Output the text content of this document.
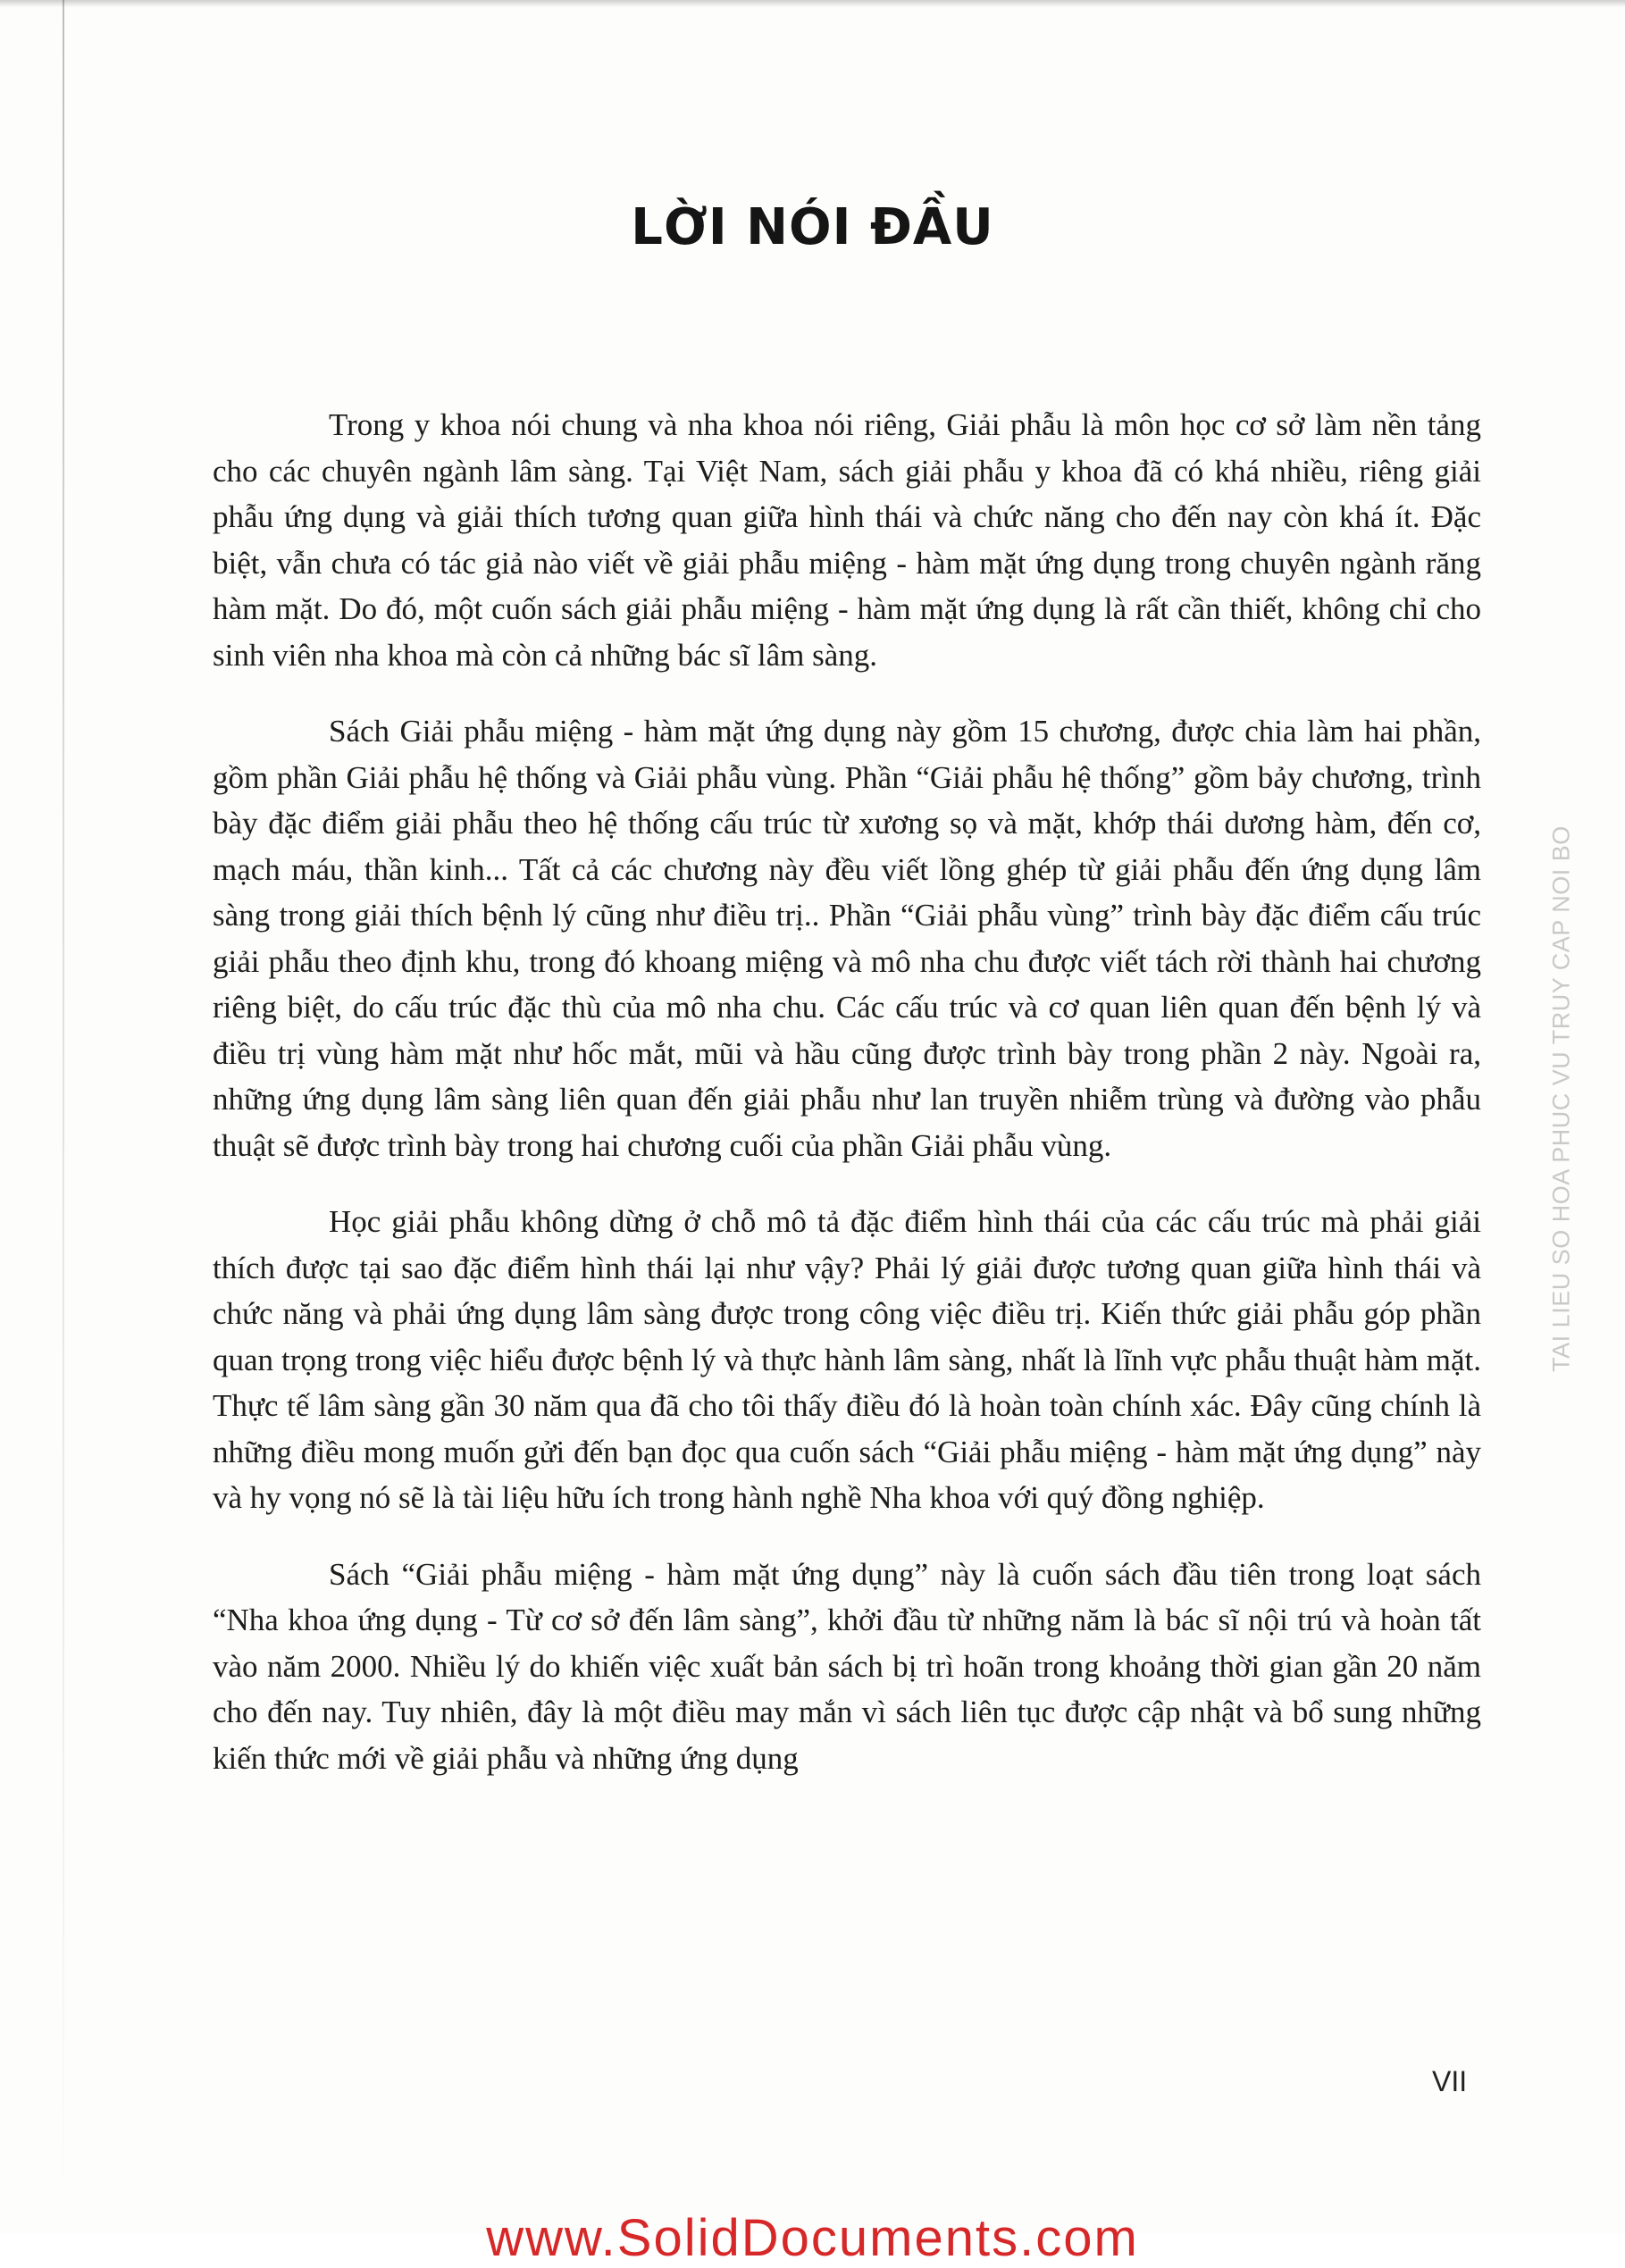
LỜI NÓI ĐẦU

Trong y khoa nói chung và nha khoa nói riêng, Giải phẫu là môn học cơ sở làm nền tảng cho các chuyên ngành lâm sàng. Tại Việt Nam, sách giải phẫu y khoa đã có khá nhiều, riêng giải phẫu ứng dụng và giải thích tương quan giữa hình thái và chức năng cho đến nay còn khá ít. Đặc biệt, vẫn chưa có tác giả nào viết về giải phẫu miệng - hàm mặt ứng dụng trong chuyên ngành răng hàm mặt. Do đó, một cuốn sách giải phẫu miệng - hàm mặt ứng dụng là rất cần thiết, không chỉ cho sinh viên nha khoa mà còn cả những bác sĩ lâm sàng.

Sách Giải phẫu miệng - hàm mặt ứng dụng này gồm 15 chương, được chia làm hai phần, gồm phần Giải phẫu hệ thống và Giải phẫu vùng. Phần “Giải phẫu hệ thống” gồm bảy chương, trình bày đặc điểm giải phẫu theo hệ thống cấu trúc từ xương sọ và mặt, khớp thái dương hàm, đến cơ, mạch máu, thần kinh... Tất cả các chương này đều viết lồng ghép từ giải phẫu đến ứng dụng lâm sàng trong giải thích bệnh lý cũng như điều trị.. Phần “Giải phẫu vùng” trình bày đặc điểm cấu trúc giải phẫu theo định khu, trong đó khoang miệng và mô nha chu được viết tách rời thành hai chương riêng biệt, do cấu trúc đặc thù của mô nha chu. Các cấu trúc và cơ quan liên quan đến bệnh lý và điều trị vùng hàm mặt như hốc mắt, mũi và hầu cũng được trình bày trong phần 2 này. Ngoài ra, những ứng dụng lâm sàng liên quan đến giải phẫu như lan truyền nhiễm trùng và đường vào phẫu thuật sẽ được trình bày trong hai chương cuối của phần Giải phẫu vùng.

Học giải phẫu không dừng ở chỗ mô tả đặc điểm hình thái của các cấu trúc mà phải giải thích được tại sao đặc điểm hình thái lại như vậy? Phải lý giải được tương quan giữa hình thái và chức năng và phải ứng dụng lâm sàng được trong công việc điều trị. Kiến thức giải phẫu góp phần quan trọng trong việc hiểu được bệnh lý và thực hành lâm sàng, nhất là lĩnh vực phẫu thuật hàm mặt. Thực tế lâm sàng gần 30 năm qua đã cho tôi thấy điều đó là hoàn toàn chính xác. Đây cũng chính là những điều mong muốn gửi đến bạn đọc qua cuốn sách “Giải phẫu miệng - hàm mặt ứng dụng” này và hy vọng nó sẽ là tài liệu hữu ích trong hành nghề Nha khoa với quý đồng nghiệp.

Sách “Giải phẫu miệng - hàm mặt ứng dụng” này là cuốn sách đầu tiên trong loạt sách “Nha khoa ứng dụng - Từ cơ sở đến lâm sàng”, khởi đầu từ những năm là bác sĩ nội trú và hoàn tất vào năm 2000. Nhiều lý do khiến việc xuất bản sách bị trì hoãn trong khoảng thời gian gần 20 năm cho đến nay. Tuy nhiên, đây là một điều may mắn vì sách liên tục được cập nhật và bổ sung những kiến thức mới về giải phẫu và những ứng dụng

TAI LIEU SO HOA PHUC VU TRUY CAP NOI BO
VII
www.SolidDocuments.com
